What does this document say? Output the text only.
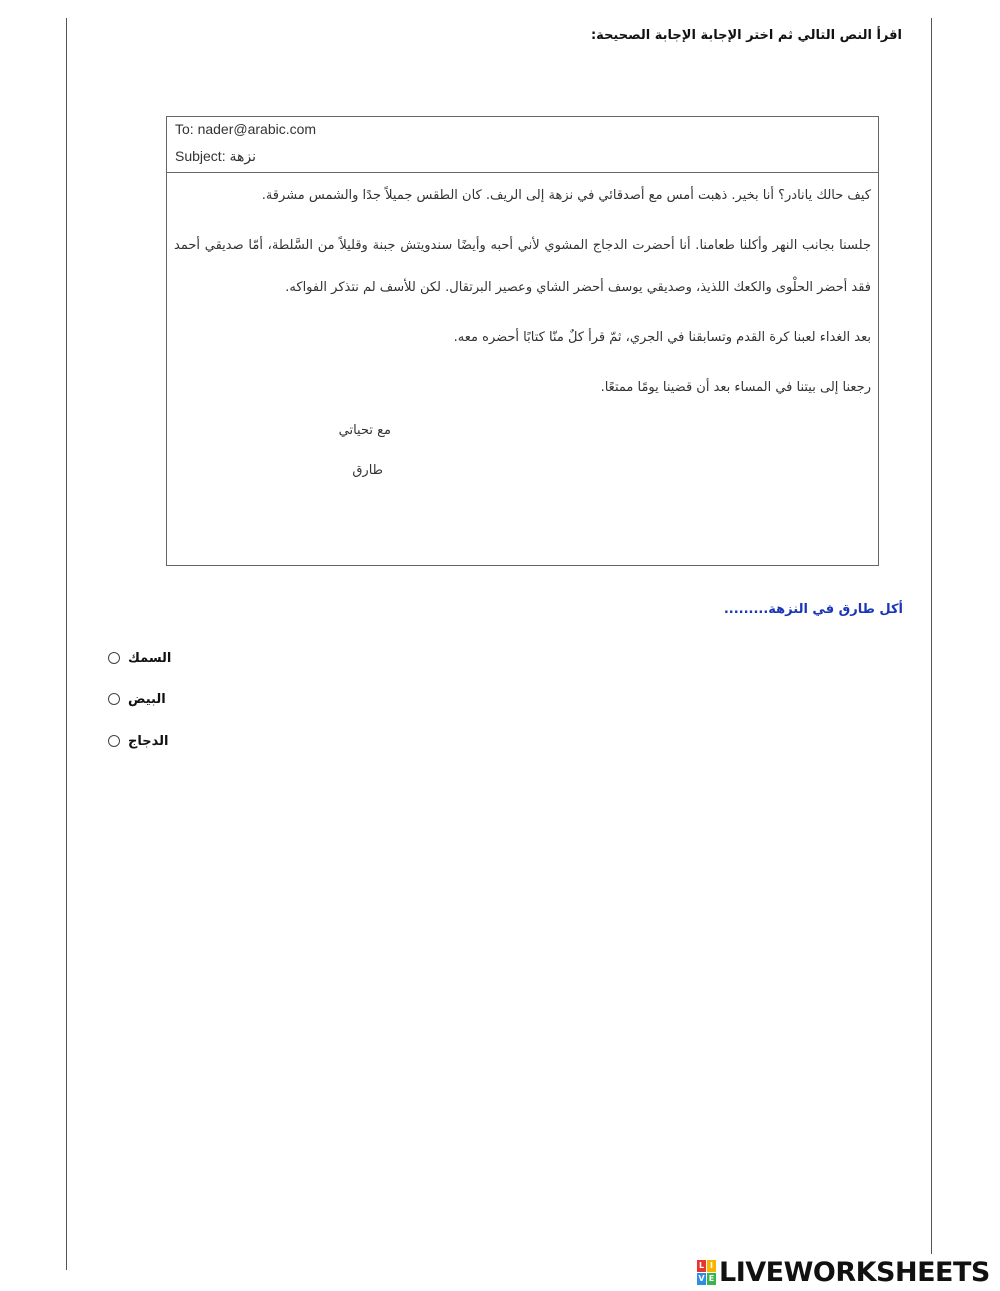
اقرأ النص التالي ثم اختر الإجابة الإجابة الصحيحة:
To: nader@arabic.com
Subject: نزهة

كيف حالك يانادر؟ أنا بخير. ذهبت أمس مع أصدقائي في نزهة إلى الريف. كان الطقس جميلاً جدًا والشمس مشرقة.

جلسنا بجانب النهر وأكلنا طعامنا. أنا أحضرت الدجاج المشوي لأني أحبه وأيضًا سندويتش جبنة وقليلاً من السَّلطة، أمّا صديقي أحمد فقد أحضر الحلْوى والكعك اللذيذ، وصديقي يوسف أحضر الشاي وعصير البرتقال. لكن للأسف لم نتذكر الفواكه.

بعد الغداء لعبنا كرة القدم وتسابقنا في الجري، ثمّ قرأ كلٌ منّا كتابًا أحضره معه.

رجعنا إلى بيتنا في المساء بعد أن قضينا يومًا ممتعًا.

مع تحياتي
طارق
أكل طارق في النزهة.........
السمك
البيض
الدجاج
L I
V E LIVEWORKSHEETS
